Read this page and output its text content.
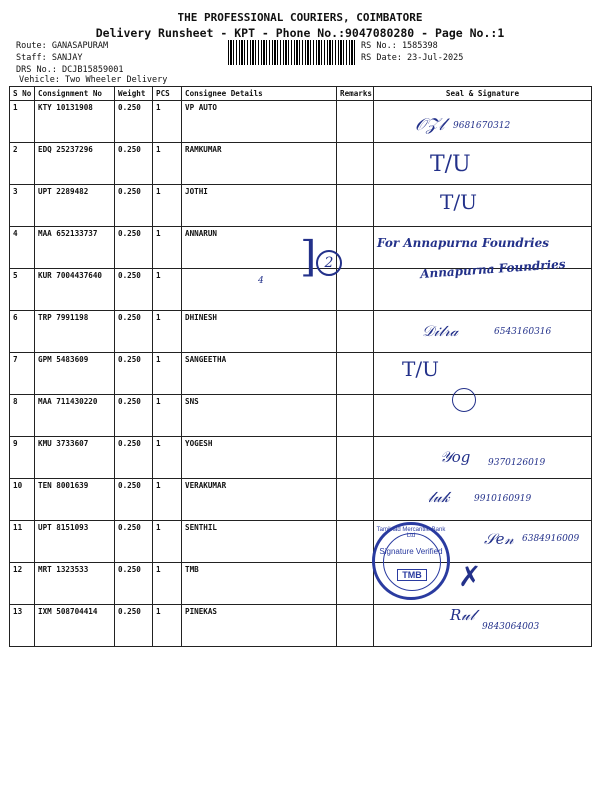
THE PROFESSIONAL COURIERS, COIMBATORE
Delivery Runsheet - KPT - Phone No.:9047080280 - Page No.:1
Route: GANASAPURAM
Staff: SANJAY
DRS No.: DCJB15859001
Vehicle: Two Wheeler Delivery
RS No.: 1585398
RS Date: 23-Jul-2025
S No	Consignment No	Weight	PCS	Consignee Details	Remarks	Seal & Signature
1	KTY 10131908	0.250	1	VP AUTO		
2	EDQ 25237296	0.250	1	RAMKUMAR		
3	UPT 2289482	0.250	1	JOTHI		
4	MAA 652133737	0.250	1	ANNARUN		
5	KUR 7004437640	0.250	1			
6	TRP 7991198	0.250	1	DHINESH		
7	GPM 5483609	0.250	1	SANGEETHA		
8	MAA 711430220	0.250	1	SNS		
9	KMU 3733607	0.250	1	YOGESH		
10	TEN 8001639	0.250	1	VERAKUMAR		
11	UPT 8151093	0.250	1	SENTHIL		
12	MRT 1323533	0.250	1	TMB		
13	IXM 508704414	0.250	1	PINEKAS		
𝒪𝒵𝓁 9681670312
T/U
T/U
] 2
4
For Annapurna Foundries
Annapurna Foundries
𝒟𝒾𝓁𝓇𝒶	6543160316
T/U
𝒴𝑜𝑔 9370126019
𝓁𝓊𝓀	9910160919
𝒮𝑒𝓃 6384916009
✗
𝑅𝓊𝓁
9843064003
Tamilnad Mercantile Bank Ltd
Signature Verified
TMB
